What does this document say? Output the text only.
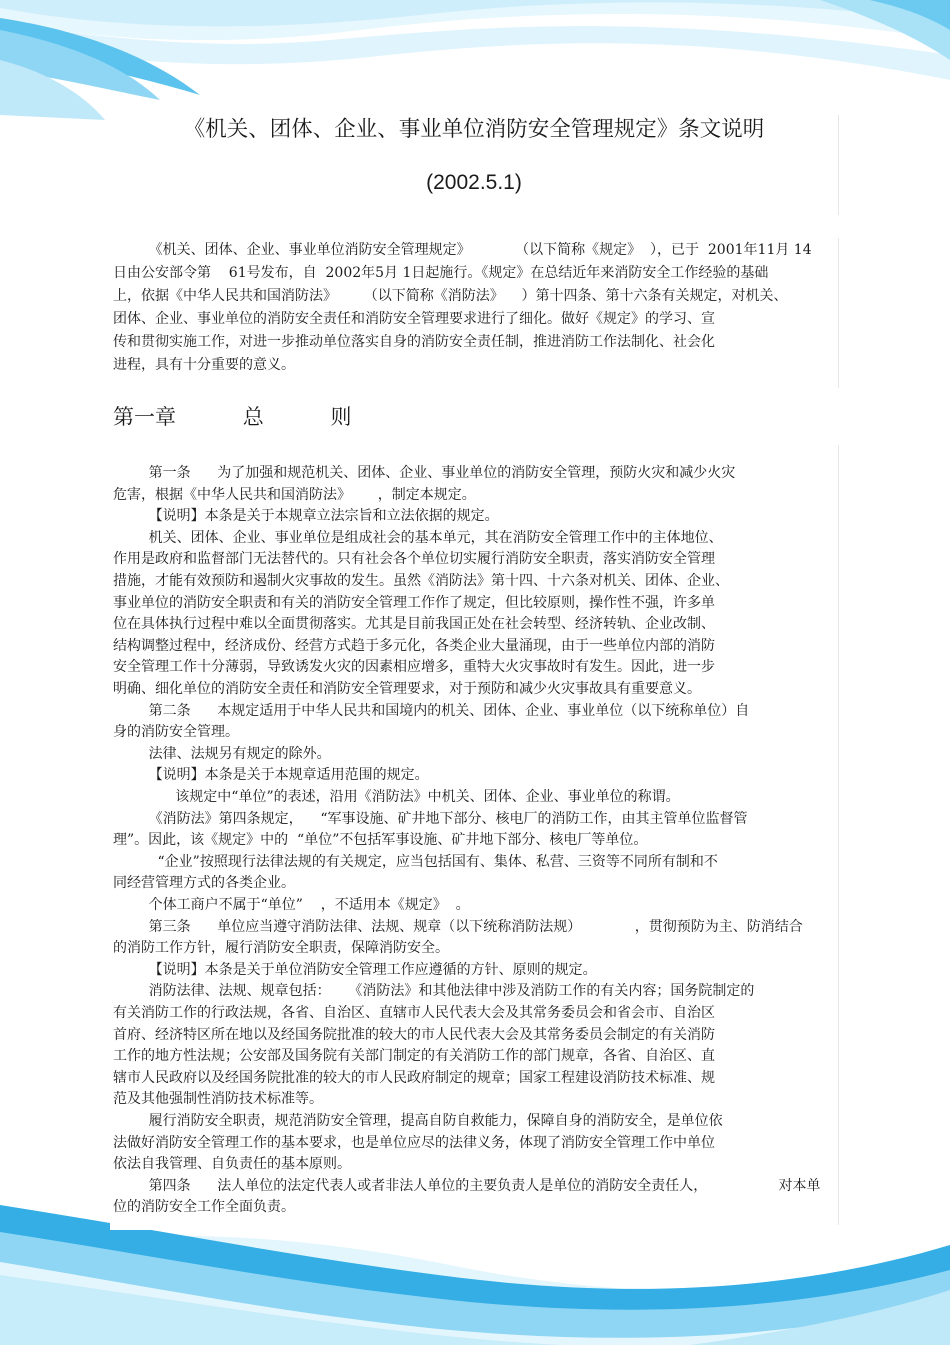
《机关、团体、企业、事业单位消防安全管理规定》条文说明
(2002.5.1)
《机关、团体、企业、事业单位消防安全管理规定》          （以下简称《规定》  ），已于  2001年11月 14
日由公安部令第    61号发布，自  2002年5月 1日起施行。《规定》在总结近年来消防安全工作经验的基础
上，依据《中华人民共和国消防法》      （以下简称《消防法》    ）第十四条、第十六条有关规定，对机关、
团体、企业、事业单位的消防安全责任和消防安全管理要求进行了细化。做好《规定》的学习、宣
传和贯彻实施工作，对进一步推动单位落实自身的消防安全责任制，推进消防工作法制化、社会化
进程，具有十分重要的意义。
第一章          总          则
第一条      为了加强和规范机关、团体、企业、事业单位的消防安全管理，预防火灾和减少火灾
危害，根据《中华人民共和国消防法》      ，制定本规定。
【说明】本条是关于本规章立法宗旨和立法依据的规定。
机关、团体、企业、事业单位是组成社会的基本单元，其在消防安全管理工作中的主体地位、
作用是政府和监督部门无法替代的。只有社会各个单位切实履行消防安全职责，落实消防安全管理
措施，才能有效预防和遏制火灾事故的发生。虽然《消防法》第十四、十六条对机关、团体、企业、
事业单位的消防安全职责和有关的消防安全管理工作作了规定，但比较原则，操作性不强，许多单
位在具体执行过程中难以全面贯彻落实。尤其是目前我国正处在社会转型、经济转轨、企业改制、
结构调整过程中，经济成份、经营方式趋于多元化，各类企业大量涌现，由于一些单位内部的消防
安全管理工作十分薄弱，导致诱发火灾的因素相应增多，重特大火灾事故时有发生。因此，进一步
明确、细化单位的消防安全责任和消防安全管理要求，对于预防和减少火灾事故具有重要意义。
第二条      本规定适用于中华人民共和国境内的机关、团体、企业、事业单位（以下统称单位）自
身的消防安全管理。
法律、法规另有规定的除外。
【说明】本条是关于本规章适用范围的规定。
该规定中“单位”的表述，沿用《消防法》中机关、团体、企业、事业单位的称谓。
《消防法》第四条规定，    “军事设施、矿井地下部分、核电厂的消防工作，由其主管单位监督管
理”。因此，该《规定》中的  “单位”不包括军事设施、矿井地下部分、核电厂等单位。
“企业”按照现行法律法规的有关规定，应当包括国有、集体、私营、三资等不同所有制和不
同经营管理方式的各类企业。
个体工商户不属于“单位”    ，不适用本《规定》  。
第三条      单位应当遵守消防法律、法规、规章（以下统称消防法规）            ，贯彻预防为主、防消结合
的消防工作方针，履行消防安全职责，保障消防安全。
【说明】本条是关于单位消防安全管理工作应遵循的方针、原则的规定。
消防法律、法规、规章包括：    《消防法》和其他法律中涉及消防工作的有关内容；国务院制定的
有关消防工作的行政法规，各省、自治区、直辖市人民代表大会及其常务委员会和省会市、自治区
首府、经济特区所在地以及经国务院批准的较大的市人民代表大会及其常务委员会制定的有关消防
工作的地方性法规；公安部及国务院有关部门制定的有关消防工作的部门规章，各省、自治区、直
辖市人民政府以及经国务院批准的较大的市人民政府制定的规章；国家工程建设消防技术标准、规
范及其他强制性消防技术标准等。
履行消防安全职责，规范消防安全管理，提高自防自救能力，保障自身的消防安全，是单位依
法做好消防安全管理工作的基本要求，也是单位应尽的法律义务，体现了消防安全管理工作中单位
依法自我管理、自负责任的基本原则。
第四条      法人单位的法定代表人或者非法人单位的主要负责人是单位的消防安全责任人，                对本单
位的消防安全工作全面负责。
